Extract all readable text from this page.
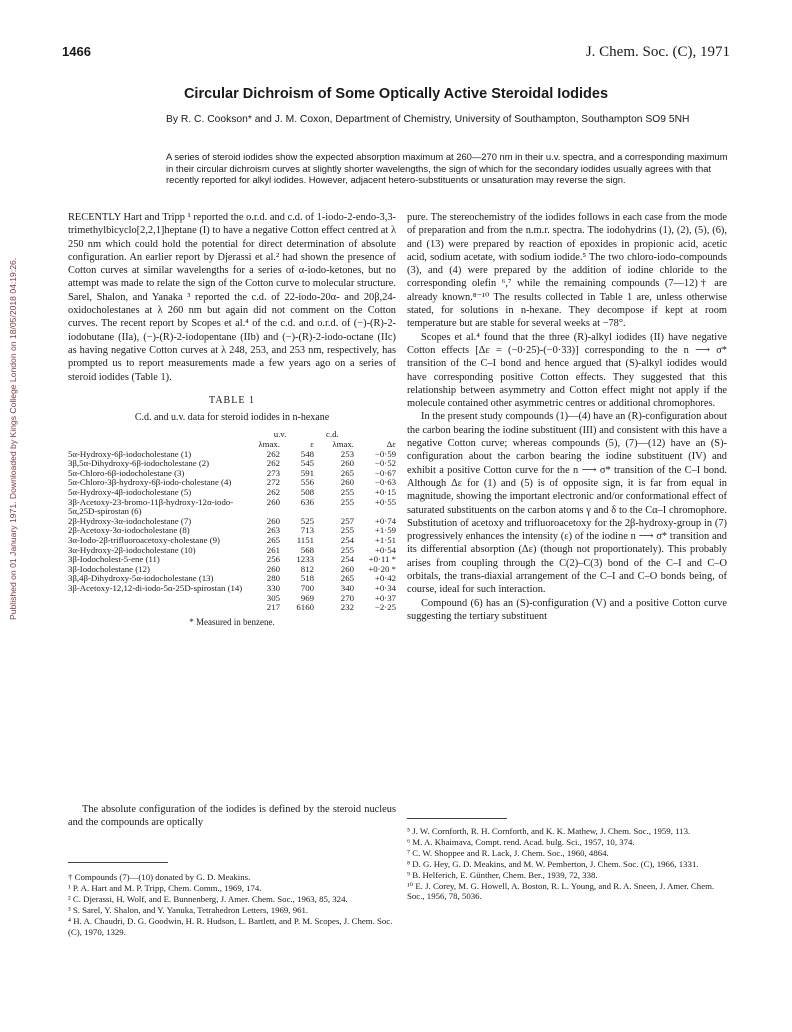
1466	J. Chem. Soc. (C), 1971
Circular Dichroism of Some Optically Active Steroidal Iodides
By R. C. Cookson* and J. M. Coxon, Department of Chemistry, University of Southampton, Southampton SO9 5NH
A series of steroid iodides show the expected absorption maximum at 260—270 nm in their u.v. spectra, and a corresponding maximum in their circular dichroism curves at slightly shorter wavelengths, the sign of which for the secondary iodides usually agrees with that recently reported for alkyl iodides. However, adjacent hetero-substituents or unsaturation may reverse the sign.
Published on 01 January 1971. Downloaded by Kings College London on 18/05/2018 04:19:26.

RECENTLY Hart and Tripp ¹ reported the o.r.d. and c.d. of 1-iodo-2-endo-3,3-trimethylbicyclo[2,2,1]heptane (I) to have a negative Cotton effect centred at λ 250 nm which could hold the potential for direct determination of absolute configuration. An earlier report by Djerassi et al.² had shown the presence of Cotton curves at similar wavelengths for a series of α-iodo-ketones, but no attempt was made to relate the sign of the Cotton curve to molecular structure. Sarel, Shalon, and Yanaka ³ reported the c.d. of 22-iodo-20α- and 20β,24-oxidocholestanes at λ 260 nm but again did not comment on the Cotton curves. The recent report by Scopes et al.⁴ of the c.d. and o.r.d. of (−)-(R)-2-iodobutane (IIa), (−)-(R)-2-iodopentane (IIb) and (−)-(R)-2-iodo-octane (IIc) as having negative Cotton curves at λ 248, 253, and 253 nm, respectively, has prompted us to report measurements made a few years ago on a series of steroid iodides (Table 1).

TABLE 1
C.d. and u.v. data for steroid iodides in n-hexane
	u.v.		c.d.	
	λmax.	ε	λmax.	Δε
5α-Hydroxy-6β-iodocholestane (1)	262	548	253	−0·59
3β,5α-Dihydroxy-6β-iodocholestane (2)	262	545	260	−0·52
5α-Chloro-6β-iodocholestane (3)	273	591	265	−0·67
5α-Chloro-3β-hydroxy-6β-iodo-cholestane (4)	272	556	260	−0·63
5α-Hydroxy-4β-iodocholestane (5)	262	508	255	+0·15
3β-Acetoxy-23-bromo-11β-hydroxy-12α-iodo-5α,25D-spirostan (6)	260	636	255	+0·55
2β-Hydroxy-3α-iodocholestane (7)	260	525	257	+0·74
2β-Acetoxy-3α-iodocholestane (8)	263	713	255	+1·59
3α-Iodo-2β-trifluoroacetoxy-cholestane (9)	265	1151	254	+1·51
3α-Hydroxy-2β-iodocholestane (10)	261	568	255	+0·54
3β-Iodocholest-5-ene (11)	256	1233	254	+0·11 *
3β-Iodocholestane (12)	260	812	260	+0·20 *
3β,4β-Dihydroxy-5α-iodocholestane (13)	280	518	265	+0·42
3β-Acetoxy-12,12-di-iodo-5α-25D-spirostan (14)	330	700	340	+0·34
	305	969	270	+0·37
	217	6160	232	−2·25
* Measured in benzene.

The absolute configuration of the iodides is defined by the steroid nucleus and the compounds are optically

† Compounds (7)—(10) donated by G. D. Meakins.
¹ P. A. Hart and M. P. Tripp, Chem. Comm., 1969, 174.
² C. Djerassi, H. Wolf, and E. Bunnenberg, J. Amer. Chem. Soc., 1963, 85, 324.
³ S. Sarel, Y. Shalon, and Y. Yanuka, Tetrahedron Letters, 1969, 961.
⁴ H. A. Chaudri, D. G. Goodwin, H. R. Hudson, L. Bartlett, and P. M. Scopes, J. Chem. Soc. (C), 1970, 1329.

pure. The stereochemistry of the iodides follows in each case from the mode of preparation and from the n.m.r. spectra. The iodohydrins (1), (2), (5), (6), and (13) were prepared by reaction of epoxides in propionic acid, acetic acid, sodium acetate, with sodium iodide.⁵ The two chloro-iodo-compounds (3), and (4) were prepared by the addition of iodine chloride to the corresponding olefin ⁶,⁷ while the remaining compounds (7—12)† are already known.⁸⁻¹⁰ The results collected in Table 1 are, unless otherwise stated, for solutions in n-hexane. They decompose if kept at room temperature but are stable for several weeks at −78°.

Scopes et al.⁴ found that the three (R)-alkyl iodides (II) have negative Cotton effects [Δε = (−0·25)-(−0·33)] corresponding to the n ⟶ σ* transition of the C–I bond and hence argued that (S)-alkyl iodides would have corresponding positive Cotton effects. They suggested that this relationship between asymmetry and Cotton effect might not apply if the molecule contained other asymmetric centres or additional chromophores.

In the present study compounds (1)—(4) have an (R)-configuration about the carbon bearing the iodine substituent (III) and consistent with this have a negative Cotton curve; whereas compounds (5), (7)—(12) have an (S)-configuration about the carbon bearing the iodine substituent (IV) and exhibit a positive Cotton curve for the n ⟶ σ* transition of the C–I bond. Although Δε for (1) and (5) is of opposite sign, it is far from equal in magnitude, showing the important electronic and/or conformational effect of saturated substituents on the carbon atoms γ and δ to the Cα–I chromophore. Substitution of acetoxy and trifluoroacetoxy for the 2β-hydroxy-group in (7) progressively enhances the intensity (ε) of the iodine n ⟶ σ* transition and its differential absorption (Δε) (though not proportionately). This probably arises from coupling through the C(2)–C(3) bond of the C–I and C–O orbitals, the trans-diaxial arrangement of the C–I and C–O bonds being, of course, ideal for such interaction.

Compound (6) has an (S)-configuration (V) and a positive Cotton curve suggesting the tertiary substituent

⁵ J. W. Cornforth, R. H. Cornforth, and K. K. Mathew, J. Chem. Soc., 1959, 113.
⁶ M. A. Khaimava, Compt. rend. Acad. bulg. Sci., 1957, 10, 374.
⁷ C. W. Shoppee and R. Lack, J. Chem. Soc., 1960, 4864.
⁸ D. G. Hey, G. D. Meakins, and M. W. Pemberton, J. Chem. Soc. (C), 1966, 1331.
⁹ B. Helferich, E. Günther, Chem. Ber., 1939, 72, 338.
¹⁰ E. J. Corey, M. G. Howell, A. Boston, R. L. Young, and R. A. Sneen, J. Amer. Chem. Soc., 1956, 78, 5036.
